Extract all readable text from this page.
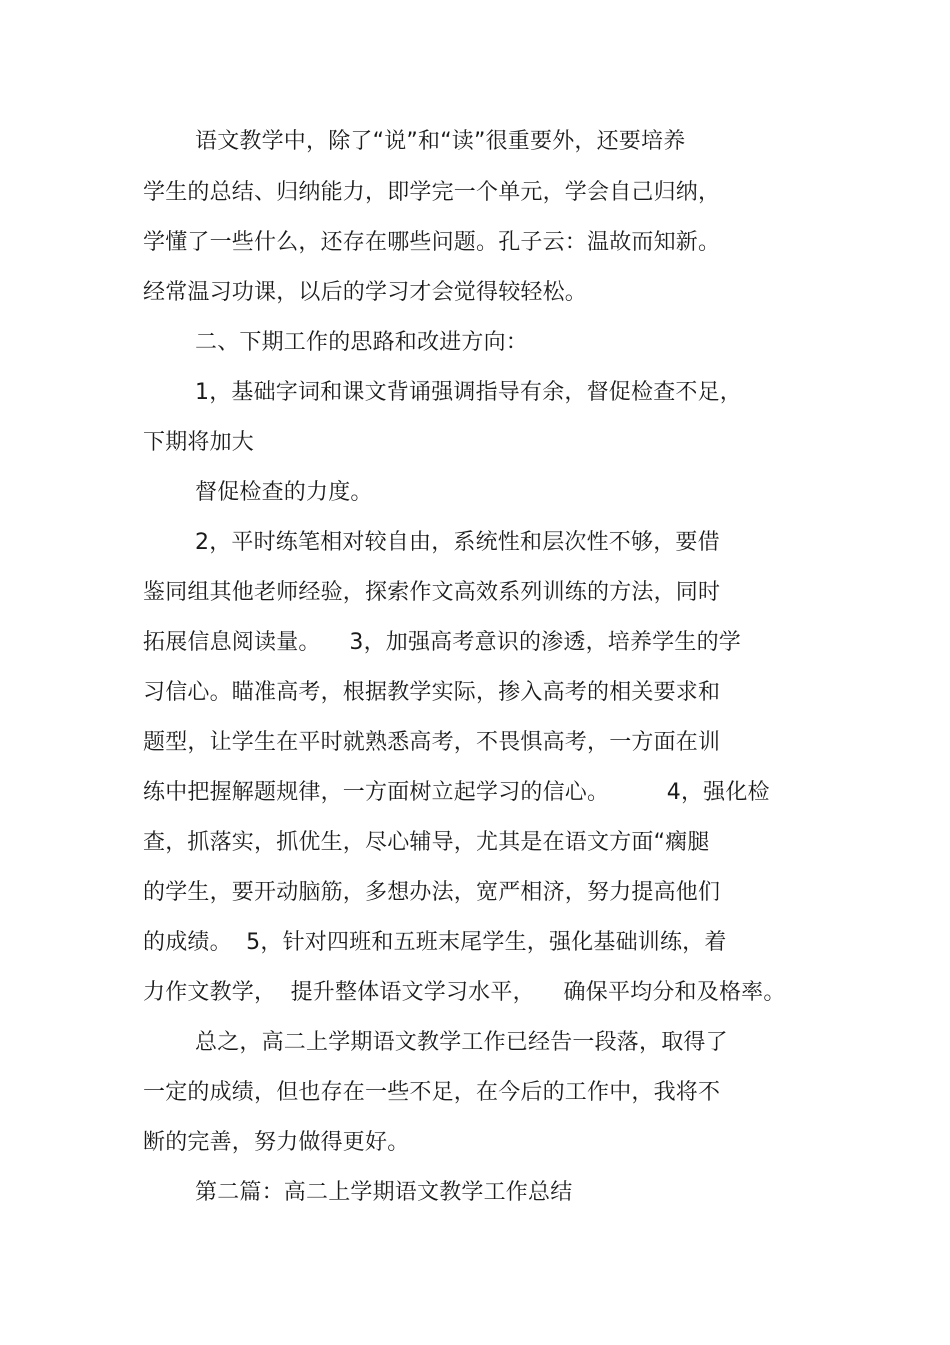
语文教学中，除了“说”和“读”很重要外，还要培养
学生的总结、归纳能力，即学完一个单元，学会自己归纳，
学懂了一些什么，还存在哪些问题。孔子云：温故而知新。
经常温习功课，以后的学习才会觉得较轻松。
二、下期工作的思路和改进方向：
1，基础字词和课文背诵强调指导有余，督促检查不足，
下期将加大
督促检查的力度。
2，平时练笔相对较自由，系统性和层次性不够，要借
鉴同组其他老师经验，探索作文高效系列训练的方法，同时
拓展信息阅读量。    3，加强高考意识的渗透，培养学生的学
习信心。瞄准高考，根据教学实际，掺入高考的相关要求和
题型，让学生在平时就熟悉高考，不畏惧高考，一方面在训
练中把握解题规律，一方面树立起学习的信心。        4，强化检
查，抓落实，抓优生，尽心辅导，尤其是在语文方面“瘸腿
的学生，要开动脑筋，多想办法，宽严相济，努力提高他们
的成绩。  5，针对四班和五班末尾学生，强化基础训练，着
力作文教学，  提升整体语文学习水平，    确保平均分和及格率。
总之，高二上学期语文教学工作已经告一段落，取得了
一定的成绩，但也存在一些不足，在今后的工作中，我将不
断的完善，努力做得更好。
第二篇：高二上学期语文教学工作总结
